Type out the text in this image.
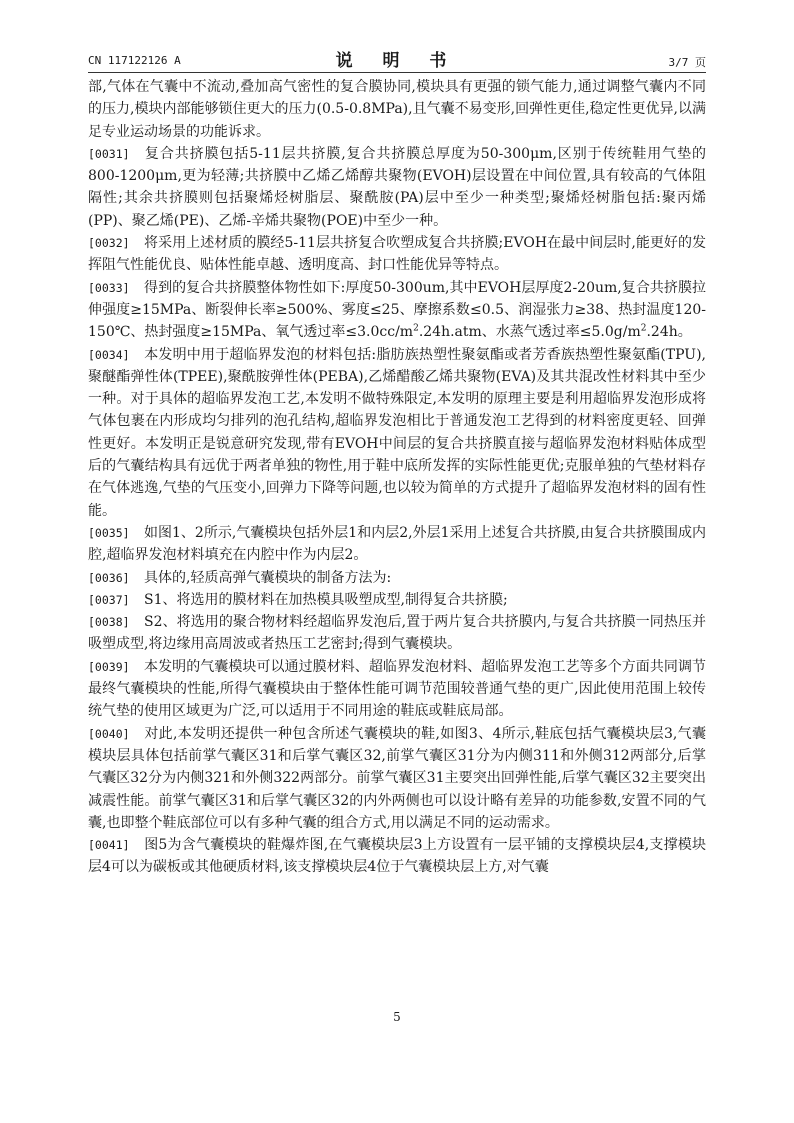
CN 117122126 A	说 明 书	3/7 页

部,气体在气囊中不流动,叠加高气密性的复合膜协同,模块具有更强的锁气能力,通过调整气囊内不同的压力,模块内部能够锁住更大的压力(0.5-0.8MPa),且气囊不易变形,回弹性更佳,稳定性更优异,以满足专业运动场景的功能诉求。

[0031] 复合共挤膜包括5-11层共挤膜,复合共挤膜总厚度为50-300μm,区别于传统鞋用气垫的800-1200μm,更为轻薄;共挤膜中乙烯乙烯醇共聚物(EVOH)层设置在中间位置,具有较高的气体阻隔性;其余共挤膜则包括聚烯烃树脂层、聚酰胺(PA)层中至少一种类型;聚烯烃树脂包括:聚丙烯(PP)、聚乙烯(PE)、乙烯-辛烯共聚物(POE)中至少一种。

[0032] 将采用上述材质的膜经5-11层共挤复合吹塑成复合共挤膜;EVOH在最中间层时,能更好的发挥阻气性能优良、贴体性能卓越、透明度高、封口性能优异等特点。

[0033] 得到的复合共挤膜整体物性如下:厚度50-300um,其中EVOH层厚度2-20um,复合共挤膜拉伸强度≥15MPa、断裂伸长率≥500%、雾度≤25、摩擦系数≤0.5、润湿张力≥38、热封温度120-150℃、热封强度≥15MPa、氧气透过率$\le 3.0cc/m^2.24h.atm$、水蒸气透过率$\le 5.0g/m^2.24h$。

[0034] 本发明中用于超临界发泡的材料包括:脂肪族热塑性聚氨酯或者芳香族热塑性聚氨酯(TPU),聚醚酯弹性体(TPEE),聚酰胺弹性体(PEBA),乙烯醋酸乙烯共聚物(EVA)及其共混改性材料其中至少一种。对于具体的超临界发泡工艺,本发明不做特殊限定,本发明的原理主要是利用超临界发泡形成将气体包裹在内形成均匀排列的泡孔结构,超临界发泡相比于普通发泡工艺得到的材料密度更轻、回弹性更好。本发明正是锐意研究发现,带有EVOH中间层的复合共挤膜直接与超临界发泡材料贴体成型后的气囊结构具有远优于两者单独的物性,用于鞋中底所发挥的实际性能更优;克服单独的气垫材料存在气体逃逸,气垫的气压变小,回弹力下降等问题,也以较为简单的方式提升了超临界发泡材料的固有性能。

[0035] 如图1、2所示,气囊模块包括外层1和内层2,外层1采用上述复合共挤膜,由复合共挤膜围成内腔,超临界发泡材料填充在内腔中作为内层2。

[0036] 具体的,轻质高弹气囊模块的制备方法为:

[0037] S1、将选用的膜材料在加热模具吸塑成型,制得复合共挤膜;

[0038] S2、将选用的聚合物材料经超临界发泡后,置于两片复合共挤膜内,与复合共挤膜一同热压并吸塑成型,将边缘用高周波或者热压工艺密封;得到气囊模块。

[0039] 本发明的气囊模块可以通过膜材料、超临界发泡材料、超临界发泡工艺等多个方面共同调节最终气囊模块的性能,所得气囊模块由于整体性能可调节范围较普通气垫的更广,因此使用范围上较传统气垫的使用区域更为广泛,可以适用于不同用途的鞋底或鞋底局部。

[0040] 对此,本发明还提供一种包含所述气囊模块的鞋,如图3、4所示,鞋底包括气囊模块层3,气囊模块层具体包括前掌气囊区31和后掌气囊区32,前掌气囊区31分为内侧311和外侧312两部分,后掌气囊区32分为内侧321和外侧322两部分。前掌气囊区31主要突出回弹性能,后掌气囊区32主要突出减震性能。前掌气囊区31和后掌气囊区32的内外两侧也可以设计略有差异的功能参数,安置不同的气囊,也即整个鞋底部位可以有多种气囊的组合方式,用以满足不同的运动需求。

[0041] 图5为含气囊模块的鞋爆炸图,在气囊模块层3上方设置有一层平铺的支撑模块层4,支撑模块层4可以为碳板或其他硬质材料,该支撑模块层4位于气囊模块层上方,对气囊

5
